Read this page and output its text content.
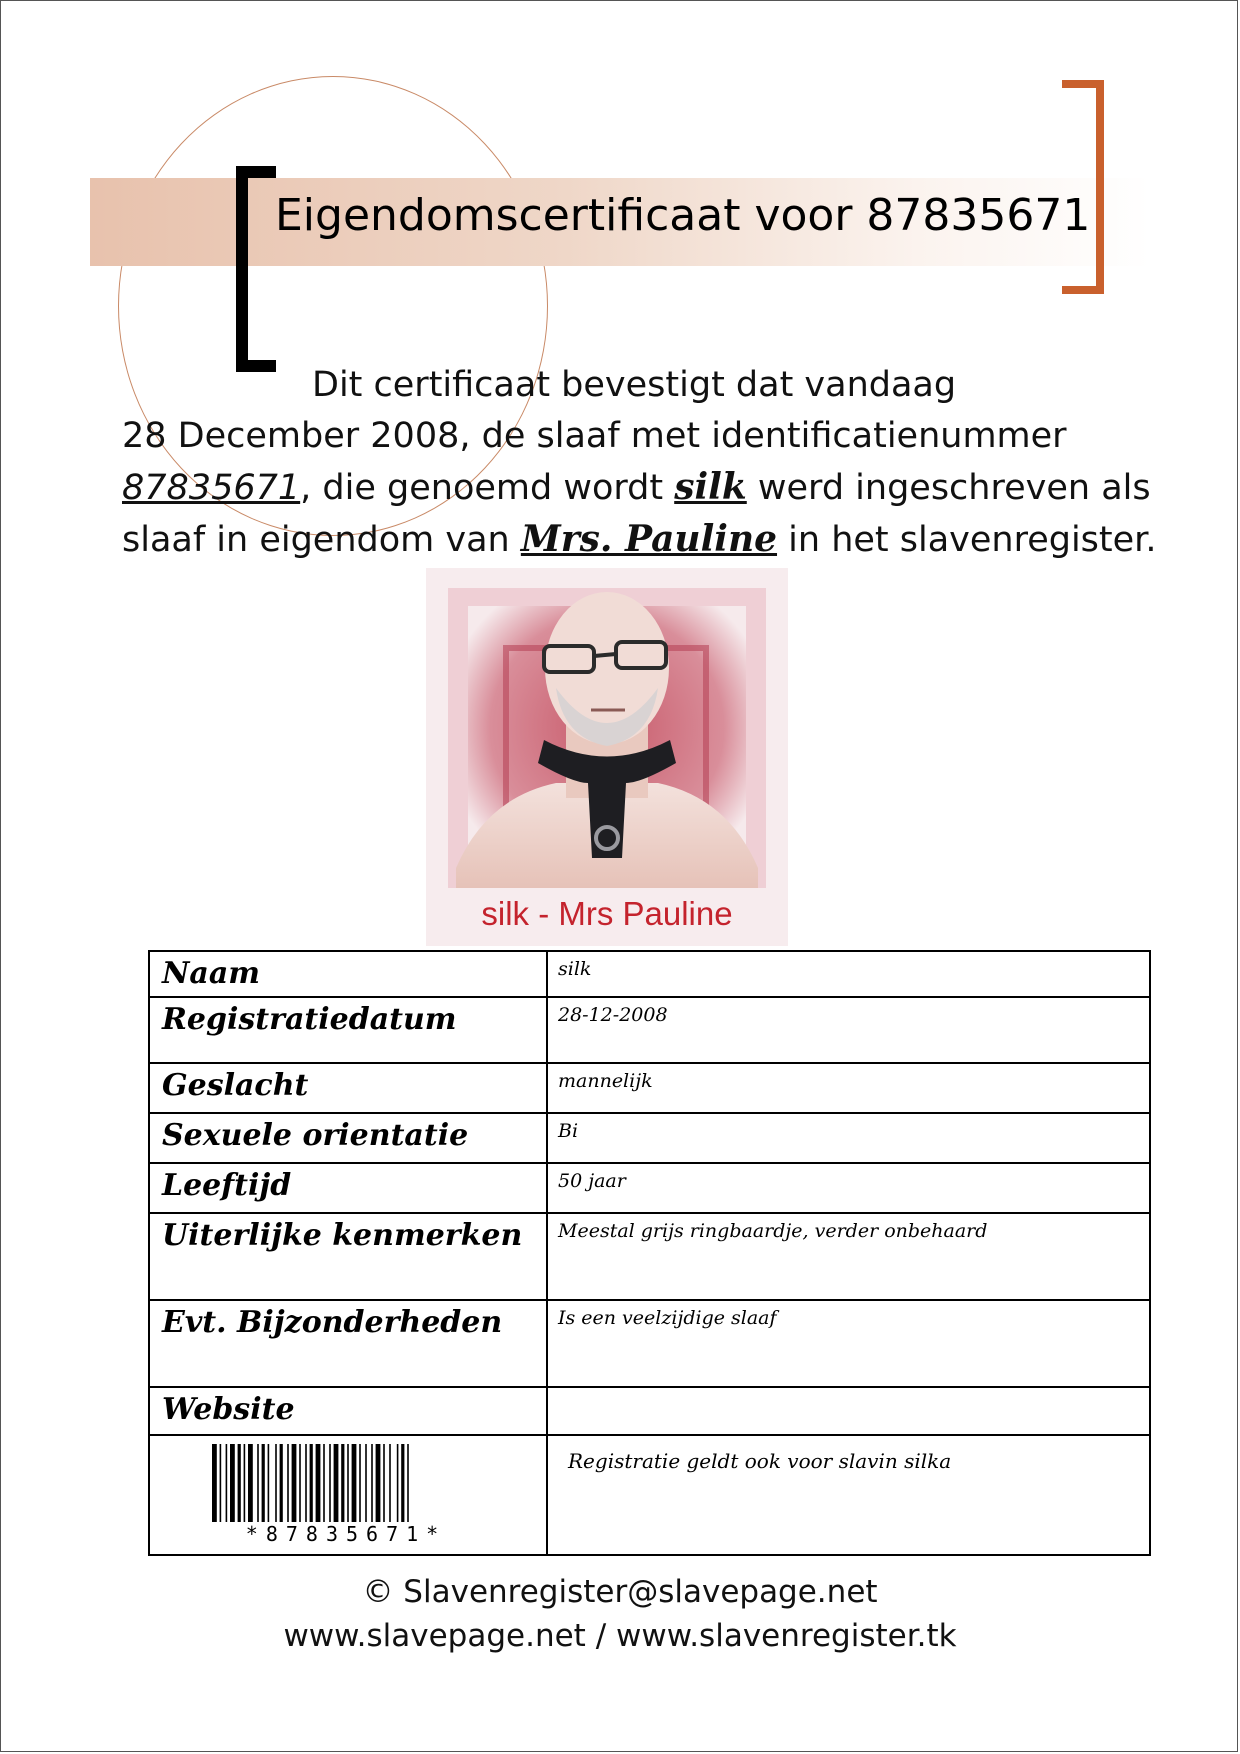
Eigendomscertificaat voor 87835671
Dit certificaat bevestigt dat vandaag
28 December 2008, de slaaf met identificatienummer
87835671, die genoemd wordt silk werd ingeschreven als
slaaf in eigendom van Mrs. Pauline in het slavenregister.
silk - Mrs Pauline
Naam	silk
Registratiedatum	28-12-2008
Geslacht	mannelijk
Sexuele orientatie	Bi
Leeftijd	50 jaar
Uiterlijke kenmerken	Meestal grijs ringbaardje, verder onbehaard
Evt. Bijzonderheden	Is een veelzijdige slaaf
Website	

*87835671*	Registratie geldt ook voor slavin silka
© Slavenregister@slavepage.net
www.slavepage.net / www.slavenregister.tk
